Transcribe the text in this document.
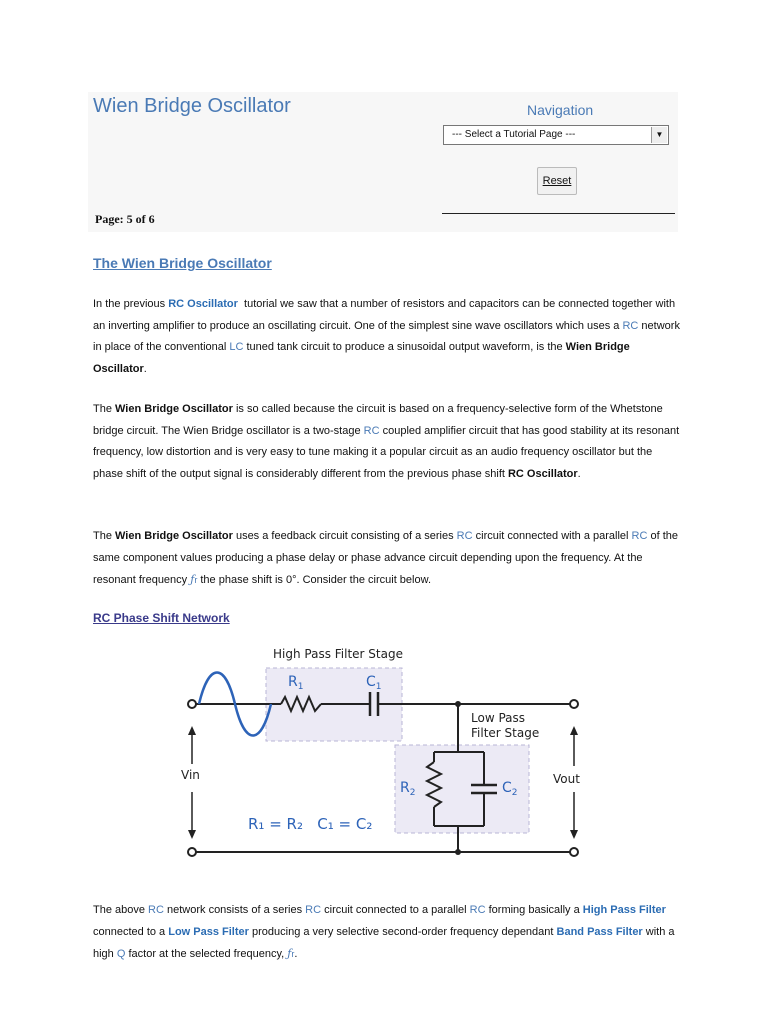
Wien Bridge Oscillator	Navigation
--- Select a Tutorial Page ---	▼
Reset
Page: 5 of 6
The Wien Bridge Oscillator
In the previous RC Oscillator  tutorial we saw that a number of resistors and capacitors can be connected together with an inverting amplifier to produce an oscillating circuit. One of the simplest sine wave oscillators which uses a RC network in place of the conventional LC tuned tank circuit to produce a sinusoidal output waveform, is the Wien Bridge Oscillator.
The Wien Bridge Oscillator is so called because the circuit is based on a frequency-selective form of the Whetstone bridge circuit. The Wien Bridge oscillator is a two-stage RC coupled amplifier circuit that has good stability at its resonant frequency, low distortion and is very easy to tune making it a popular circuit as an audio frequency oscillator but the phase shift of the output signal is considerably different from the previous phase shift RC Oscillator.
The Wien Bridge Oscillator uses a feedback circuit consisting of a series RC circuit connected with a parallel RC of the same component values producing a phase delay or phase advance circuit depending upon the frequency. At the resonant frequency ƒr the phase shift is 0°. Consider the circuit below.
RC Phase Shift Network
High Pass Filter Stage
$R_1$	$C_1$
Low Pass
Filter Stage
Vin	Vout
$R_2$	$C_2$
R₁ = R₂   C₁ = C₂
The above RC network consists of a series RC circuit connected to a parallel RC forming basically a High Pass Filter connected to a Low Pass Filter producing a very selective second-order frequency dependant Band Pass Filter with a high Q factor at the selected frequency, ƒr.
